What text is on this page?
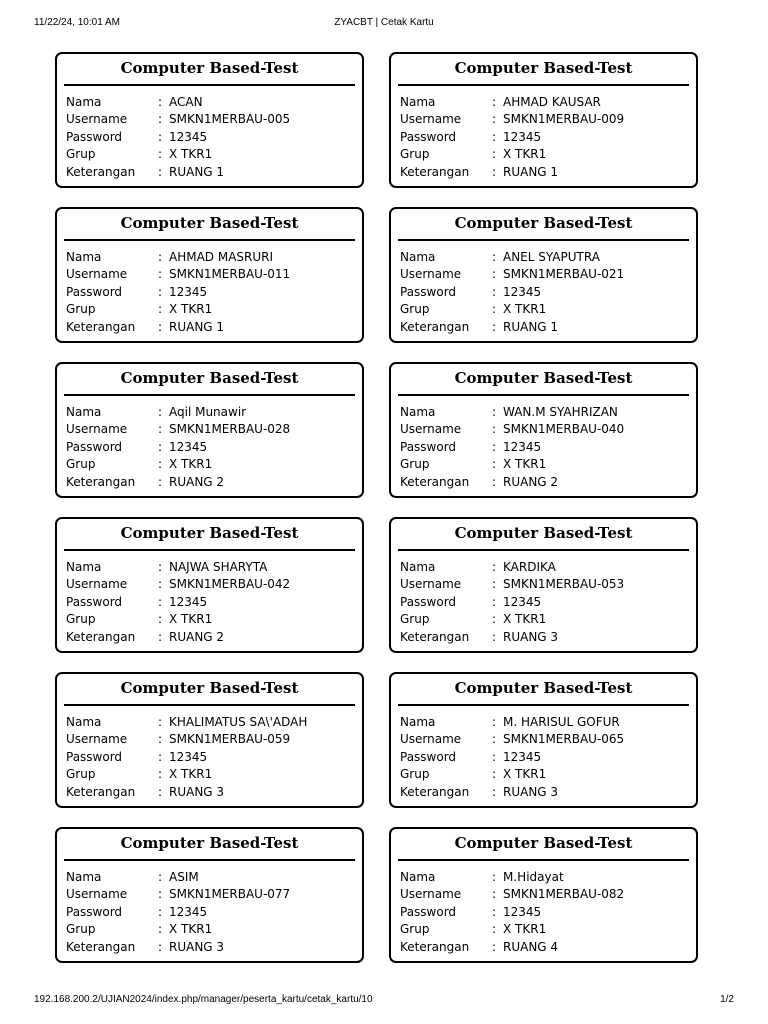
11/22/24, 10:01 AM	ZYACBT | Cetak Kartu
Computer Based-Test
Nama	: ACAN
Username	: SMKN1MERBAU-005
Password	: 12345
Grup	: X TKR1
Keterangan : RUANG 1
Computer Based-Test
Nama	: AHMAD KAUSAR
Username	: SMKN1MERBAU-009
Password	: 12345
Grup	: X TKR1
Keterangan : RUANG 1
Computer Based-Test
Nama	: AHMAD MASRURI
Username	: SMKN1MERBAU-011
Password	: 12345
Grup	: X TKR1
Keterangan : RUANG 1
Computer Based-Test
Nama	: ANEL SYAPUTRA
Username	: SMKN1MERBAU-021
Password	: 12345
Grup	: X TKR1
Keterangan : RUANG 1
Computer Based-Test
Nama	: Aqil Munawir
Username	: SMKN1MERBAU-028
Password	: 12345
Grup	: X TKR1
Keterangan : RUANG 2
Computer Based-Test
Nama	: WAN.M SYAHRIZAN
Username	: SMKN1MERBAU-040
Password	: 12345
Grup	: X TKR1
Keterangan : RUANG 2
Computer Based-Test
Nama	: NAJWA SHARYTA
Username	: SMKN1MERBAU-042
Password	: 12345
Grup	: X TKR1
Keterangan : RUANG 2
Computer Based-Test
Nama	: KARDIKA
Username	: SMKN1MERBAU-053
Password	: 12345
Grup	: X TKR1
Keterangan : RUANG 3
Computer Based-Test
Nama	: KHALIMATUS SA\'ADAH
Username	: SMKN1MERBAU-059
Password	: 12345
Grup	: X TKR1
Keterangan : RUANG 3
Computer Based-Test
Nama	: M. HARISUL GOFUR
Username	: SMKN1MERBAU-065
Password	: 12345
Grup	: X TKR1
Keterangan : RUANG 3
Computer Based-Test
Nama	: ASIM
Username	: SMKN1MERBAU-077
Password	: 12345
Grup	: X TKR1
Keterangan : RUANG 3
Computer Based-Test
Nama	: M.Hidayat
Username	: SMKN1MERBAU-082
Password	: 12345
Grup	: X TKR1
Keterangan : RUANG 4
192.168.200.2/UJIAN2024/index.php/manager/peserta_kartu/cetak_kartu/10	1/2
